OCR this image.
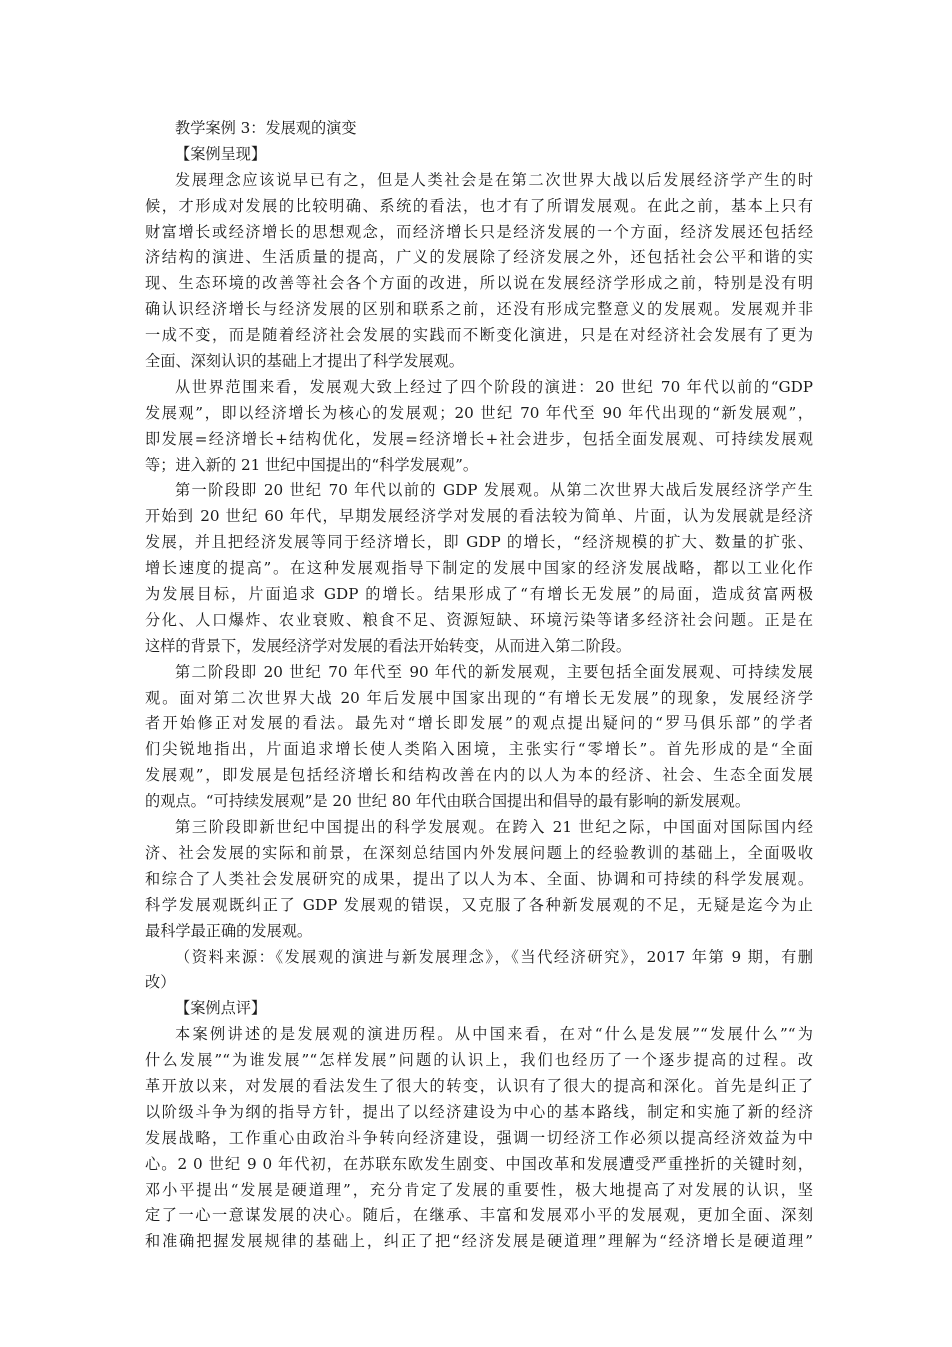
教学案例 3：发展观的演变
【案例呈现】
发展理念应该说早已有之，但是人类社会是在第二次世界大战以后发展经济学产生的时
候，才形成对发展的比较明确、系统的看法，也才有了所谓发展观。在此之前，基本上只有
财富增长或经济增长的思想观念，而经济增长只是经济发展的一个方面，经济发展还包括经
济结构的演进、生活质量的提高，广义的发展除了经济发展之外，还包括社会公平和谐的实
现、生态环境的改善等社会各个方面的改进，所以说在发展经济学形成之前，特别是没有明
确认识经济增长与经济发展的区别和联系之前，还没有形成完整意义的发展观。发展观并非
一成不变，而是随着经济社会发展的实践而不断变化演进，只是在对经济社会发展有了更为
全面、深刻认识的基础上才提出了科学发展观。
从世界范围来看，发展观大致上经过了四个阶段的演进：20 世纪 70 年代以前的“GDP
发展观”，即以经济增长为核心的发展观；20 世纪 70 年代至 90 年代出现的“新发展观”，
即发展=经济增长+结构优化，发展=经济增长+社会进步，包括全面发展观、可持续发展观
等；进入新的 21 世纪中国提出的“科学发展观”。
第一阶段即 20 世纪 70 年代以前的 GDP 发展观。从第二次世界大战后发展经济学产生
开始到 20 世纪 60 年代，早期发展经济学对发展的看法较为简单、片面，认为发展就是经济
发展，并且把经济发展等同于经济增长，即 GDP 的增长，“经济规模的扩大、数量的扩张、
增长速度的提高”。在这种发展观指导下制定的发展中国家的经济发展战略，都以工业化作
为发展目标，片面追求 GDP 的增长。结果形成了“有增长无发展”的局面，造成贫富两极
分化、人口爆炸、农业衰败、粮食不足、资源短缺、环境污染等诸多经济社会问题。正是在
这样的背景下，发展经济学对发展的看法开始转变，从而进入第二阶段。
第二阶段即 20 世纪 70 年代至 90 年代的新发展观，主要包括全面发展观、可持续发展
观。面对第二次世界大战 20 年后发展中国家出现的“有增长无发展”的现象，发展经济学
者开始修正对发展的看法。最先对“增长即发展”的观点提出疑问的“罗马俱乐部”的学者
们尖锐地指出，片面追求增长使人类陷入困境，主张实行“零增长”。首先形成的是“全面
发展观”，即发展是包括经济增长和结构改善在内的以人为本的经济、社会、生态全面发展
的观点。“可持续发展观”是 20 世纪 80 年代由联合国提出和倡导的最有影响的新发展观。
第三阶段即新世纪中国提出的科学发展观。在跨入 21 世纪之际，中国面对国际国内经
济、社会发展的实际和前景，在深刻总结国内外发展问题上的经验教训的基础上，全面吸收
和综合了人类社会发展研究的成果，提出了以人为本、全面、协调和可持续的科学发展观。
科学发展观既纠正了 GDP 发展观的错误，又克服了各种新发展观的不足，无疑是迄今为止
最科学最正确的发展观。
（资料来源：《发展观的演进与新发展理念》，《当代经济研究》，2017 年第 9 期，有删
改）
【案例点评】
本案例讲述的是发展观的演进历程。从中国来看，在对“什么是发展”“发展什么”“为
什么发展”“为谁发展”“怎样发展”问题的认识上，我们也经历了一个逐步提高的过程。改
革开放以来，对发展的看法发生了很大的转变，认识有了很大的提高和深化。首先是纠正了
以阶级斗争为纲的指导方针，提出了以经济建设为中心的基本路线，制定和实施了新的经济
发展战略，工作重心由政治斗争转向经济建设，强调一切经济工作必须以提高经济效益为中
心。2 0 世纪 9 0 年代初，在苏联东欧发生剧变、中国改革和发展遭受严重挫折的关键时刻，
邓小平提出“发展是硬道理”，充分肯定了发展的重要性，极大地提高了对发展的认识，坚
定了一心一意谋发展的决心。随后，在继承、丰富和发展邓小平的发展观，更加全面、深刻
和准确把握发展规律的基础上，纠正了把“经济发展是硬道理”理解为“经济增长是硬道理”
